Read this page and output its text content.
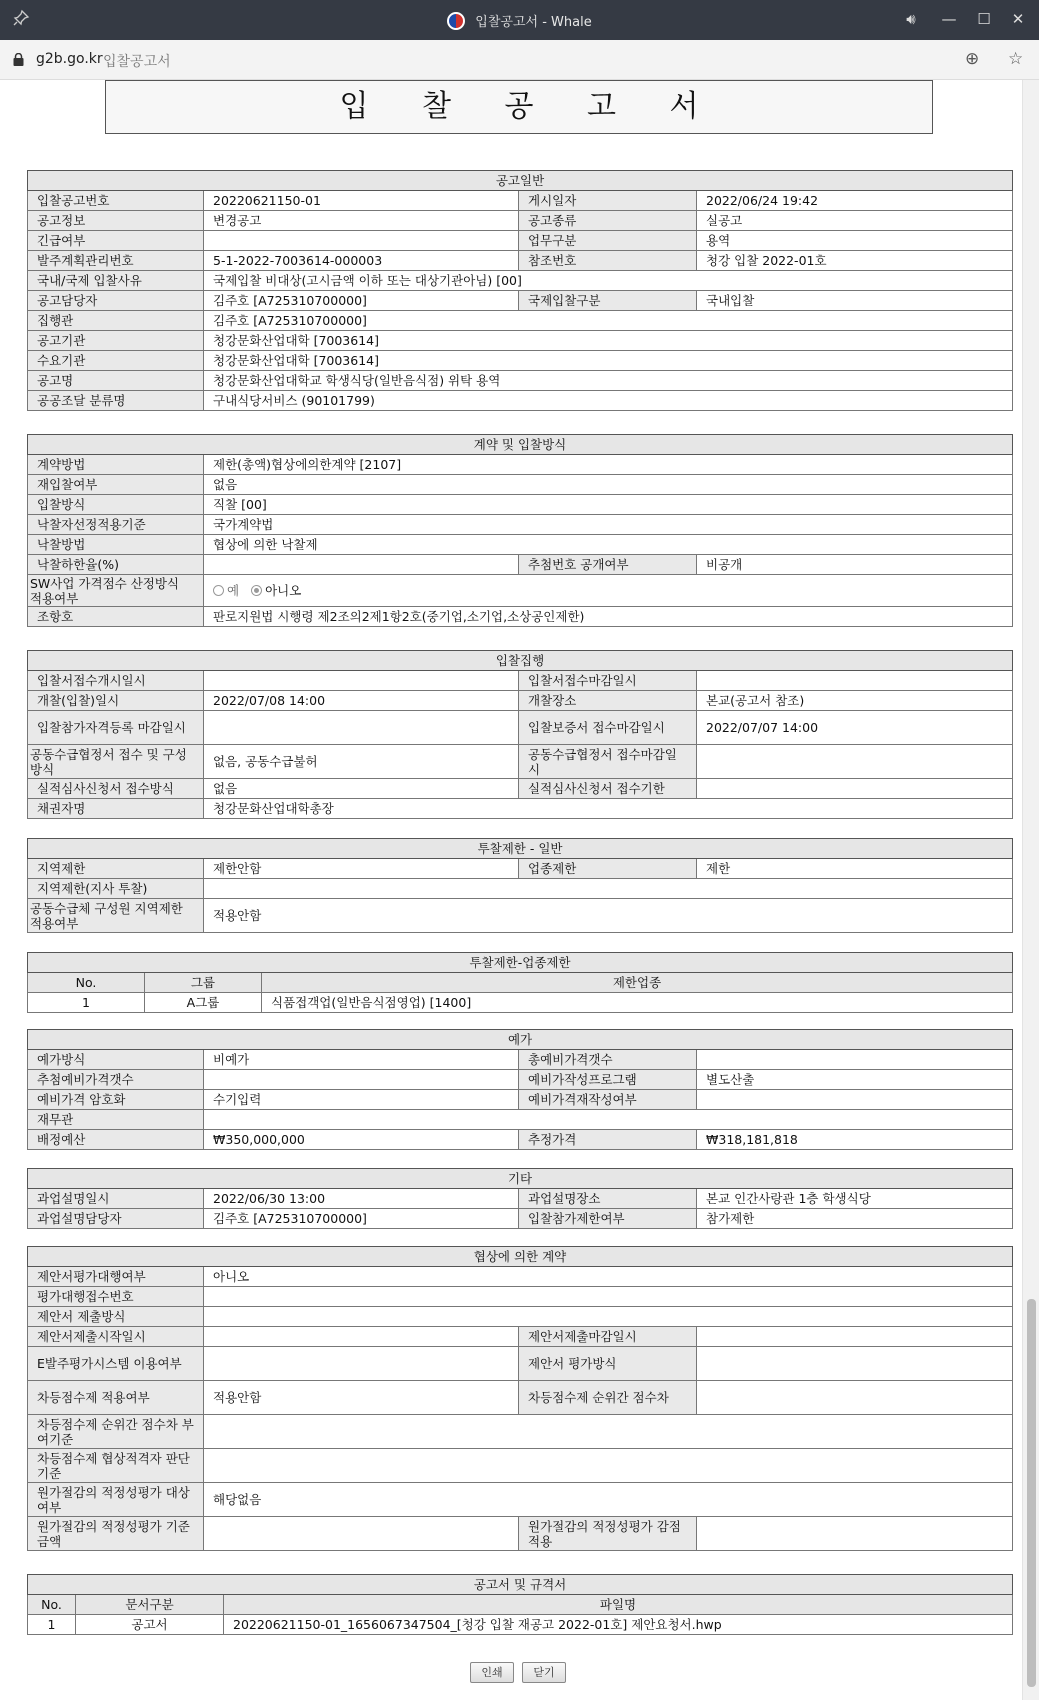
입찰공고서 - Whale	🔊︎	—	☐	✕
g2b.go.kr 입찰공고서	⊕ ☆
입 찰 공 고 서
공고일반			
입찰공고번호	20220621150-01	게시일자	2022/06/24 19:42
공고정보	변경공고	공고종류	실공고
긴급여부		업무구분	용역
발주계획관리번호	5-1-2022-7003614-000003	참조번호	청강 입찰 2022-01호
국내/국제 입찰사유	국제입찰 비대상(고시금액 이하 또는 대상기관아님) [00]		
공고담당자	김주호 [A725310700000]	국제입찰구분	국내입찰
집행관	김주호 [A725310700000]		
공고기관	청강문화산업대학 [7003614]		
수요기관	청강문화산업대학 [7003614]		
공고명	청강문화산업대학교 학생식당(일반음식점) 위탁 용역		
공공조달 분류명	구내식당서비스 (90101799)		
계약 및 입찰방식			
계약방법	제한(총액)협상에의한계약 [2107]		
재입찰여부	없음		
입찰방식	직찰 [00]		
낙찰자선정적용기준	국가계약법		
낙찰방법	협상에 의한 낙찰제		
낙찰하한율(%)		추첨번호 공개여부	비공개
SW사업 가격점수 산정방식 적용여부	예 아니오		
조항호	판로지원법 시행령 제2조의2제1항2호(중기업,소기업,소상공인제한)		
입찰집행			
입찰서접수개시일시		입찰서접수마감일시	
개찰(입찰)일시	2022/07/08 14:00	개찰장소	본교(공고서 참조)
입찰참가자격등록 마감일시		입찰보증서 접수마감일시	2022/07/07 14:00
공동수급협정서 접수 및 구성방식	없음, 공동수급불허	공동수급협정서 접수마감일시	
실적심사신청서 접수방식	없음	실적심사신청서 접수기한	
채권자명	청강문화산업대학총장		
투찰제한 - 일반			
지역제한	제한안함	업종제한	제한
지역제한(지사 투찰)			
공동수급체 구성원 지역제한적용여부	적용안함		
투찰제한-업종제한		
No.	그룹	제한업종
1	A그룹	식품접객업(일반음식점영업) [1400]
예가			
예가방식	비예가	총예비가격갯수	
추첨예비가격갯수		예비가작성프로그램	별도산출
예비가격 암호화	수기입력	예비가격재작성여부	
재무관			
배정예산	₩350,000,000	추정가격	₩318,181,818
기타			
과업설명일시	2022/06/30 13:00	과업설명장소	본교 인간사랑관 1층 학생식당
과업설명담당자	김주호 [A725310700000]	입찰참가제한여부	참가제한
협상에 의한 계약			
제안서평가대행여부	아니오		
평가대행접수번호			
제안서 제출방식			
제안서제출시작일시		제안서제출마감일시	
E발주평가시스템 이용여부		제안서 평가방식	
차등점수제 적용여부	적용안함	차등점수제 순위간 점수차	
차등점수제 순위간 점수차 부여기준			
차등점수제 협상적격자 판단기준			
원가절감의 적정성평가 대상여부	해당없음		
원가절감의 적정성평가 기준금액		원가절감의 적정성평가 감점적용	
공고서 및 규격서		
No.	문서구분	파일명
1	공고서	20220621150-01_1656067347504_[청강 입찰 재공고 2022-01호] 제안요청서.hwp
인쇄	닫기
